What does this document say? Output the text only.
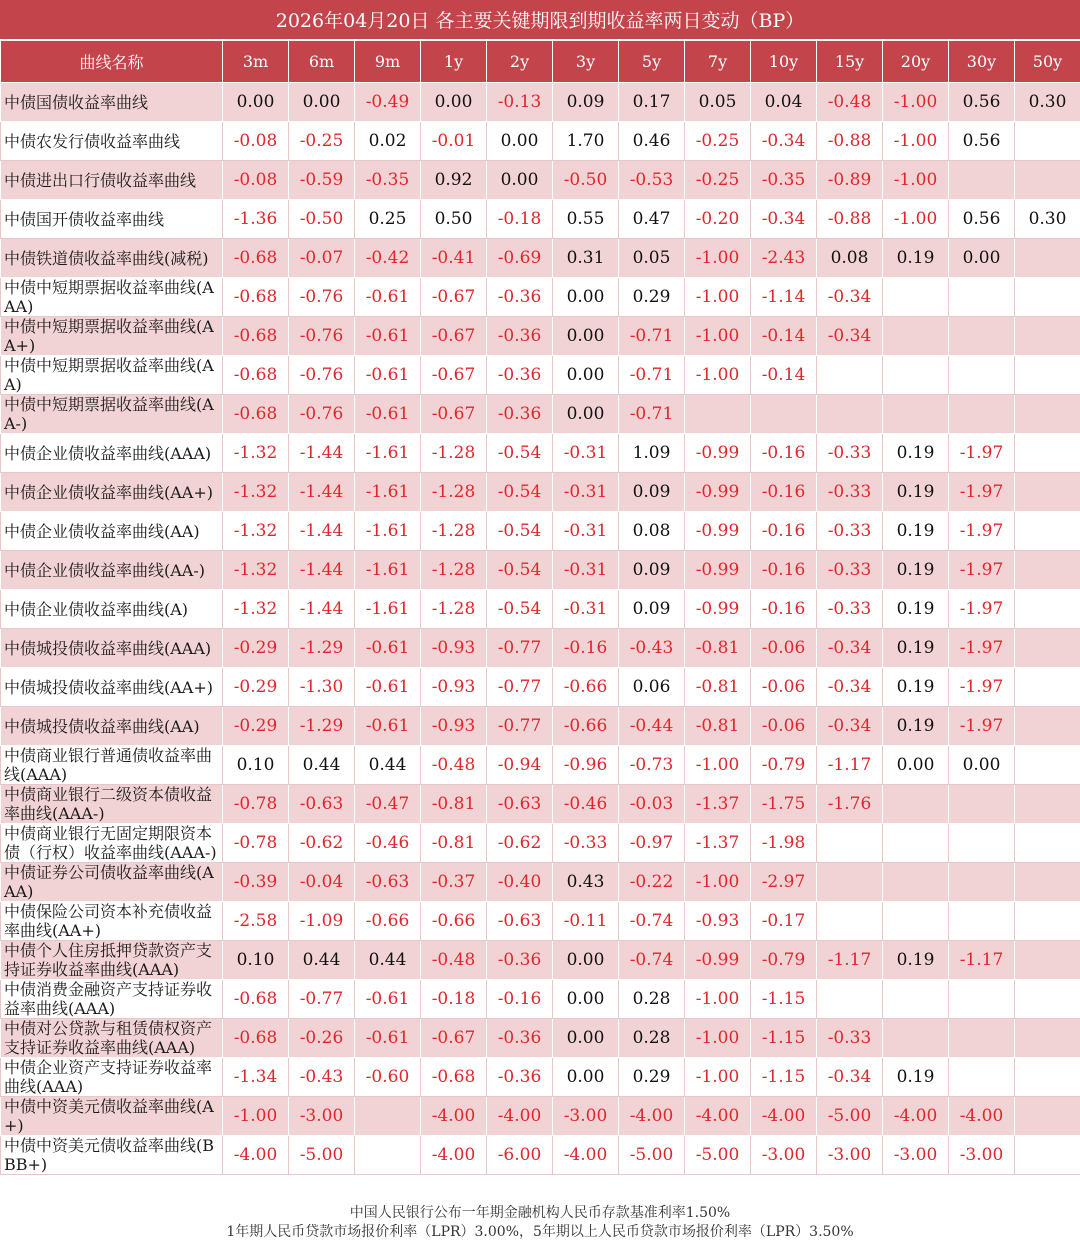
2026年04月20日 各主要关键期限到期收益率两日变动（BP）
曲线名称	3m	6m	9m	1y	2y	3y	5y	7y	10y	15y	20y	30y	50y
中债国债收益率曲线	0.00	0.00	-0.49	0.00	-0.13	0.09	0.17	0.05	0.04	-0.48	-1.00	0.56	0.30
中债农发行债收益率曲线	-0.08	-0.25	0.02	-0.01	0.00	1.70	0.46	-0.25	-0.34	-0.88	-1.00	0.56	
中债进出口行债收益率曲线	-0.08	-0.59	-0.35	0.92	0.00	-0.50	-0.53	-0.25	-0.35	-0.89	-1.00		
中债国开债收益率曲线	-1.36	-0.50	0.25	0.50	-0.18	0.55	0.47	-0.20	-0.34	-0.88	-1.00	0.56	0.30
中债铁道债收益率曲线(减税)	-0.68	-0.07	-0.42	-0.41	-0.69	0.31	0.05	-1.00	-2.43	0.08	0.19	0.00	
中债中短期票据收益率曲线(AAA)	-0.68	-0.76	-0.61	-0.67	-0.36	0.00	0.29	-1.00	-1.14	-0.34			
中债中短期票据收益率曲线(AA+)	-0.68	-0.76	-0.61	-0.67	-0.36	0.00	-0.71	-1.00	-0.14	-0.34			
中债中短期票据收益率曲线(AA)	-0.68	-0.76	-0.61	-0.67	-0.36	0.00	-0.71	-1.00	-0.14				
中债中短期票据收益率曲线(AA-)	-0.68	-0.76	-0.61	-0.67	-0.36	0.00	-0.71						
中债企业债收益率曲线(AAA)	-1.32	-1.44	-1.61	-1.28	-0.54	-0.31	1.09	-0.99	-0.16	-0.33	0.19	-1.97	
中债企业债收益率曲线(AA+)	-1.32	-1.44	-1.61	-1.28	-0.54	-0.31	0.09	-0.99	-0.16	-0.33	0.19	-1.97	
中债企业债收益率曲线(AA)	-1.32	-1.44	-1.61	-1.28	-0.54	-0.31	0.08	-0.99	-0.16	-0.33	0.19	-1.97	
中债企业债收益率曲线(AA-)	-1.32	-1.44	-1.61	-1.28	-0.54	-0.31	0.09	-0.99	-0.16	-0.33	0.19	-1.97	
中债企业债收益率曲线(A)	-1.32	-1.44	-1.61	-1.28	-0.54	-0.31	0.09	-0.99	-0.16	-0.33	0.19	-1.97	
中债城投债收益率曲线(AAA)	-0.29	-1.29	-0.61	-0.93	-0.77	-0.16	-0.43	-0.81	-0.06	-0.34	0.19	-1.97	
中债城投债收益率曲线(AA+)	-0.29	-1.30	-0.61	-0.93	-0.77	-0.66	0.06	-0.81	-0.06	-0.34	0.19	-1.97	
中债城投债收益率曲线(AA)	-0.29	-1.29	-0.61	-0.93	-0.77	-0.66	-0.44	-0.81	-0.06	-0.34	0.19	-1.97	
中债商业银行普通债收益率曲线(AAA)	0.10	0.44	0.44	-0.48	-0.94	-0.96	-0.73	-1.00	-0.79	-1.17	0.00	0.00	
中债商业银行二级资本债收益率曲线(AAA-)	-0.78	-0.63	-0.47	-0.81	-0.63	-0.46	-0.03	-1.37	-1.75	-1.76			
中债商业银行无固定期限资本债（行权）收益率曲线(AAA-)	-0.78	-0.62	-0.46	-0.81	-0.62	-0.33	-0.97	-1.37	-1.98				
中债证券公司债收益率曲线(AAA)	-0.39	-0.04	-0.63	-0.37	-0.40	0.43	-0.22	-1.00	-2.97				
中债保险公司资本补充债收益率曲线(AA+)	-2.58	-1.09	-0.66	-0.66	-0.63	-0.11	-0.74	-0.93	-0.17				
中债个人住房抵押贷款资产支持证券收益率曲线(AAA)	0.10	0.44	0.44	-0.48	-0.36	0.00	-0.74	-0.99	-0.79	-1.17	0.19	-1.17	
中债消费金融资产支持证券收益率曲线(AAA)	-0.68	-0.77	-0.61	-0.18	-0.16	0.00	0.28	-1.00	-1.15				
中债对公贷款与租赁债权资产支持证券收益率曲线(AAA)	-0.68	-0.26	-0.61	-0.67	-0.36	0.00	0.28	-1.00	-1.15	-0.33			
中债企业资产支持证券收益率曲线(AAA)	-1.34	-0.43	-0.60	-0.68	-0.36	0.00	0.29	-1.00	-1.15	-0.34	0.19		
中债中资美元债收益率曲线(A+)	-1.00	-3.00		-4.00	-4.00	-3.00	-4.00	-4.00	-4.00	-5.00	-4.00	-4.00	
中债中资美元债收益率曲线(BBB+)	-4.00	-5.00		-4.00	-6.00	-4.00	-5.00	-5.00	-3.00	-3.00	-3.00	-3.00	
中国人民银行公布一年期金融机构人民币存款基准利率1.50%
1年期人民币贷款市场报价利率（LPR）3.00%，5年期以上人民币贷款市场报价利率（LPR）3.50%
